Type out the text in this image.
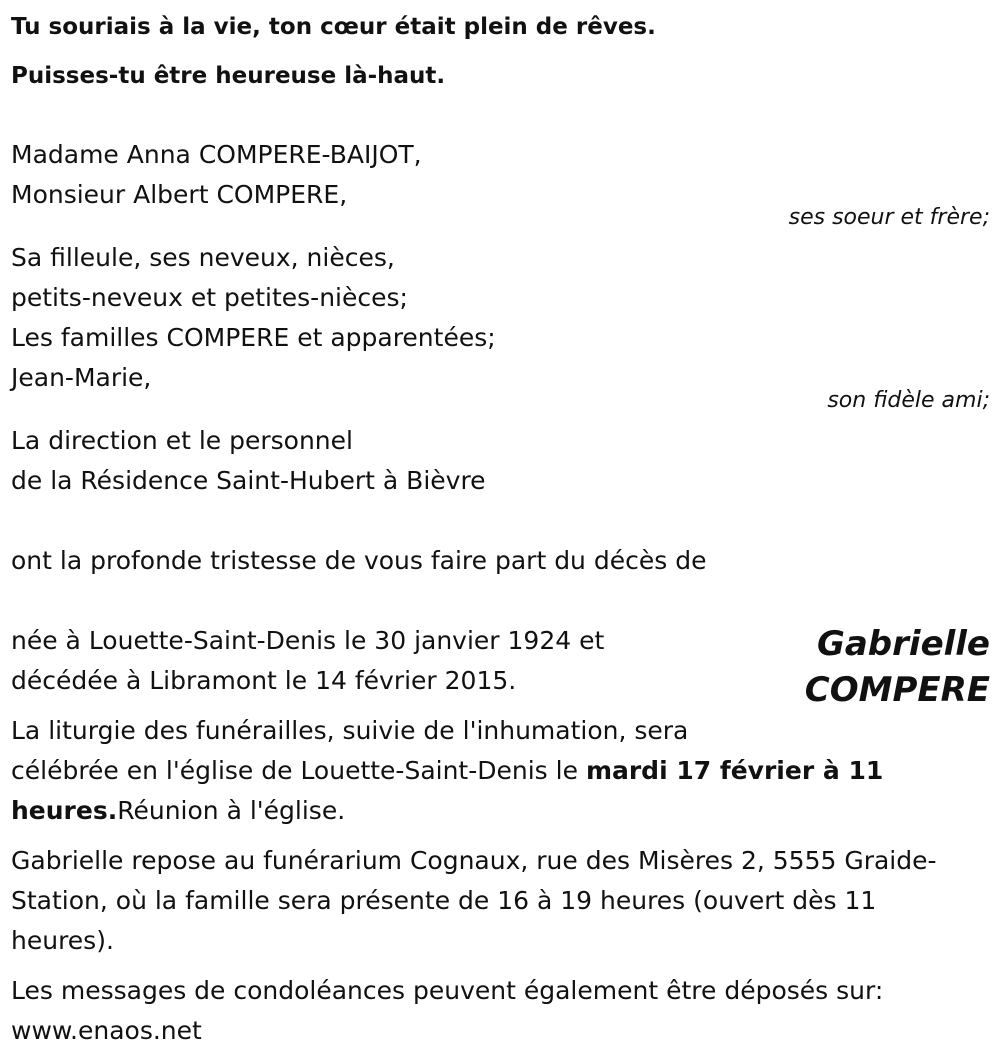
Tu souriais à la vie, ton cœur était plein de rêves.

Puisses-tu être heureuse là-haut.

Madame Anna COMPERE-BAIJOT,

Monsieur Albert COMPERE,

ses soeur et frère;

Sa filleule, ses neveux, nièces,

petits-neveux et petites-nièces;

Les familles COMPERE et apparentées;

Jean-Marie,

son fidèle ami;

La direction et le personnel

de la Résidence Saint-Hubert à Bièvre

ont la profonde tristesse de vous faire part du décès de

née à Louette-Saint-Denis le 30 janvier 1924 et

décédée à Libramont le 14 février 2015.

Gabrielle

COMPERE

La liturgie des funérailles, suivie de l'inhumation, sera

célébrée en l'église de Louette-Saint-Denis le mardi 17 février à 11

heures.Réunion à l'église.

Gabrielle repose au funérarium Cognaux, rue des Misères 2, 5555 Graide-

Station, où la famille sera présente de 16 à 19 heures (ouvert dès 11

heures).

Les messages de condoléances peuvent également être déposés sur:

www.enaos.net
